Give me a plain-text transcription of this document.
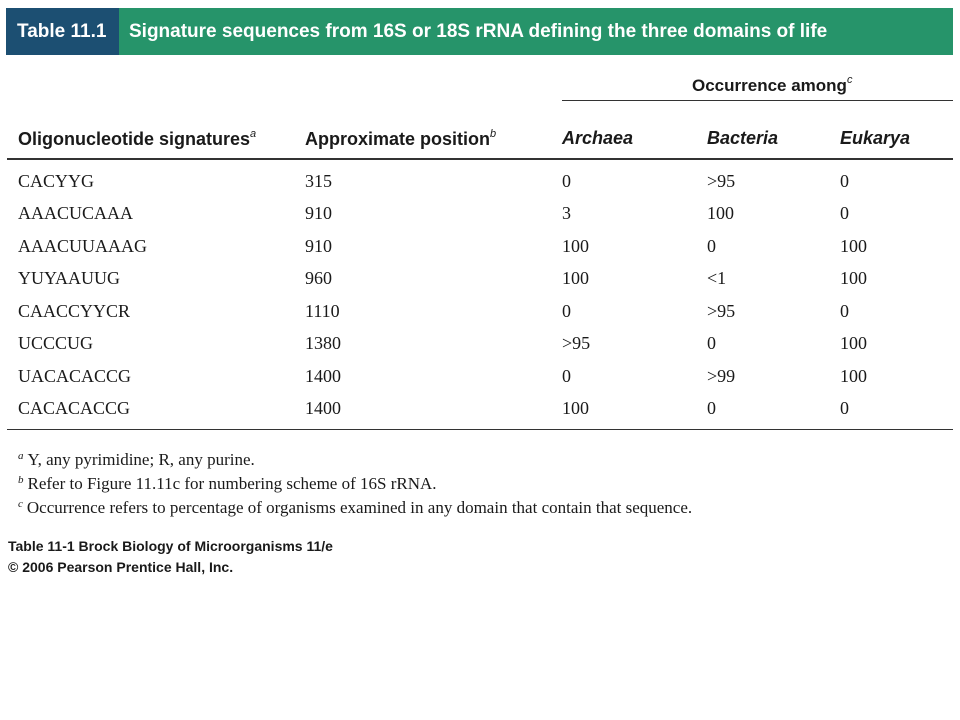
Table 11.1	Signature sequences from 16S or 18S rRNA defining the three domains of life
Occurrence among$^c$
Oligonucleotide signatures$^a$	Approximate position$^b$	Archaea	Bacteria	Eukarya
CACYYG	315	0	>95	0
AAACUCAAA	910	3	100	0
AAACUUAAAG	910	100	0	100
YUYAAUUG	960	100	<1	100
CAACCYYCR	1110	0	>95	0
UCCCUG	1380	>95	0	100
UACACACCG	1400	0	>99	100
CACACACCG	1400	100	0	0
$^a$ Y, any pyrimidine; R, any purine.
$^b$ Refer to Figure 11.11c for numbering scheme of 16S rRNA.
$^c$ Occurrence refers to percentage of organisms examined in any domain that contain that sequence.
Table 11-1 Brock Biology of Microorganisms 11/e
© 2006 Pearson Prentice Hall, Inc.
